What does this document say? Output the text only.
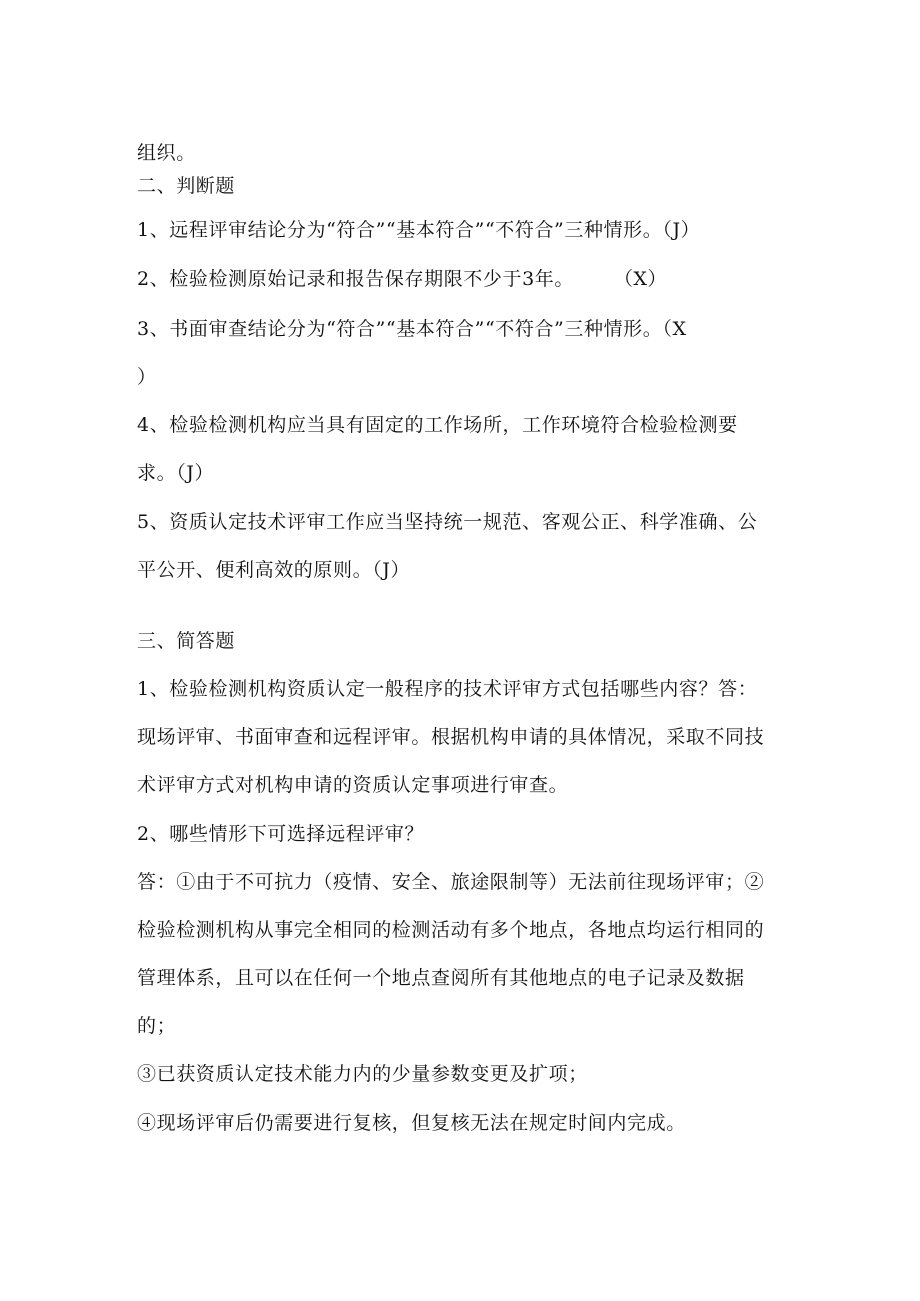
组织。
二、判断题
1、远程评审结论分为“符合”“基本符合”“不符合”三种情形。（J）
2、检验检测原始记录和报告保存期限不少于3年。      （X）
3、书面审查结论分为“符合”“基本符合”“不符合”三种情形。（X
）
4、检验检测机构应当具有固定的工作场所，工作环境符合检验检测要
求。（J）
5、资质认定技术评审工作应当坚持统一规范、客观公正、科学准确、公
平公开、便利高效的原则。（J）
三、简答题
1、检验检测机构资质认定一般程序的技术评审方式包括哪些内容？答：
现场评审、书面审查和远程评审。根据机构申请的具体情况，采取不同技
术评审方式对机构申请的资质认定事项进行审查。
2、哪些情形下可选择远程评审？
答：①由于不可抗力（疫情、安全、旅途限制等）无法前往现场评审；②
检验检测机构从事完全相同的检测活动有多个地点，各地点均运行相同的
管理体系，且可以在任何一个地点查阅所有其他地点的电子记录及数据
的；
③已获资质认定技术能力内的少量参数变更及扩项；
④现场评审后仍需要进行复核，但复核无法在规定时间内完成。
